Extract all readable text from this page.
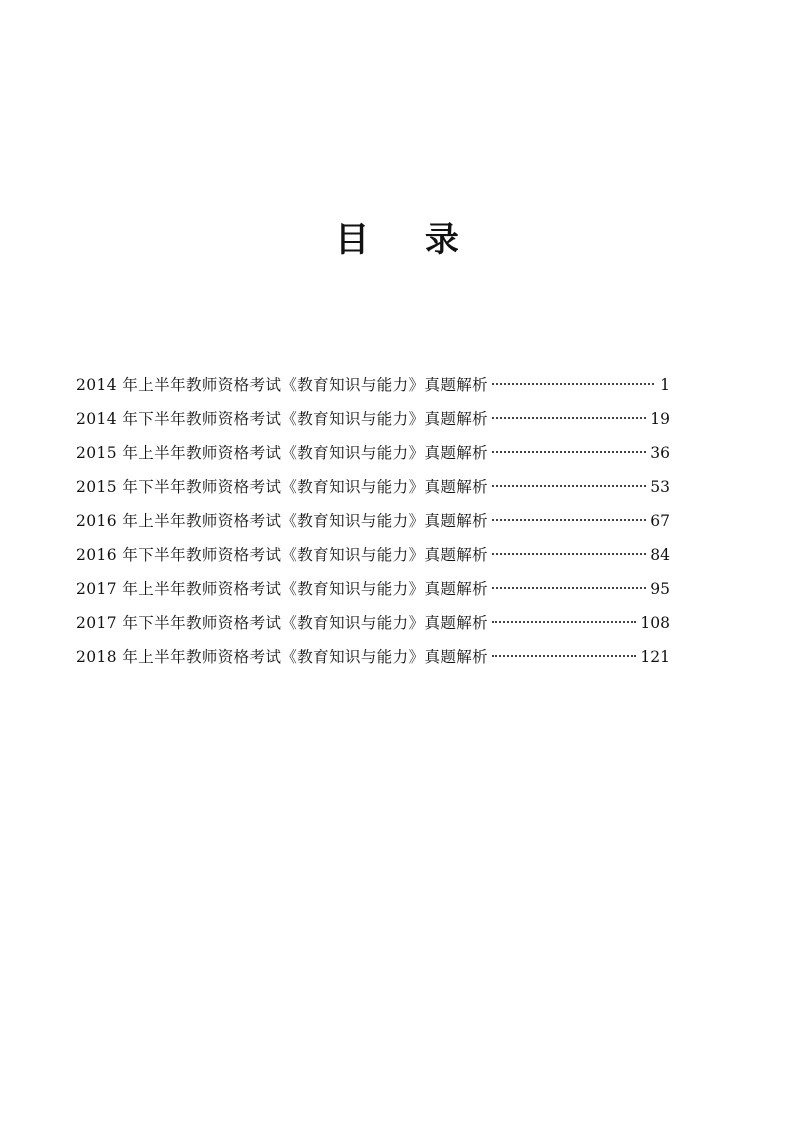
目 录
2014 年上半年教师资格考试《教育知识与能力》真题解析	1
2014 年下半年教师资格考试《教育知识与能力》真题解析	19
2015 年上半年教师资格考试《教育知识与能力》真题解析	36
2015 年下半年教师资格考试《教育知识与能力》真题解析	53
2016 年上半年教师资格考试《教育知识与能力》真题解析	67
2016 年下半年教师资格考试《教育知识与能力》真题解析	84
2017 年上半年教师资格考试《教育知识与能力》真题解析	95
2017 年下半年教师资格考试《教育知识与能力》真题解析	108
2018 年上半年教师资格考试《教育知识与能力》真题解析	121
